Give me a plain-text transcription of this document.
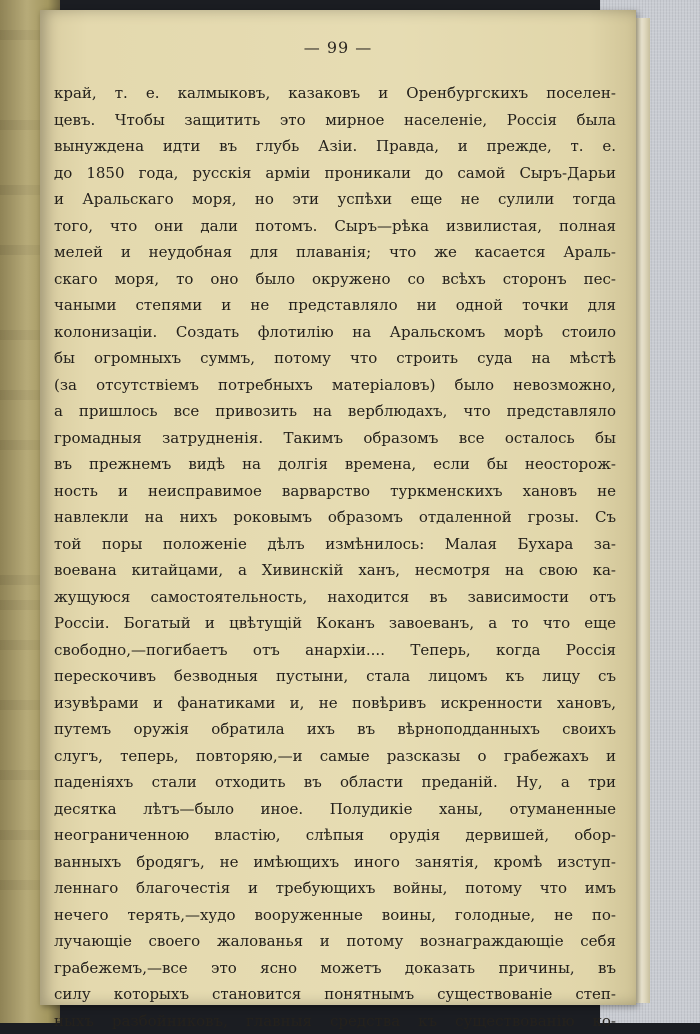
— 99 —
край, т. е. калмыковъ, казаковъ и Оренбургскихъ поселен-
цевъ. Чтобы защитить это мирное населеніе, Россія была
вынуждена идти въ глубь Азіи. Правда, и прежде, т. е.
до 1850 года, русскія арміи проникали до самой Сыръ-Дарьи
и Аральскаго моря, но эти успѣхи еще не сулили тогда
того, что они дали потомъ. Сыръ—рѣка извилистая, полная
мелей и неудобная для плаванія; что же касается Араль-
скаго моря, то оно было окружено со всѣхъ сторонъ пес-
чаными степями и не представляло ни одной точки для
колонизаціи. Создать флотилію на Аральскомъ морѣ стоило
бы огромныхъ суммъ, потому что строить суда на мѣстѣ
(за отсутствіемъ потребныхъ матеріаловъ) было невозможно,
а пришлось все привозить на верблюдахъ, что представляло
громадныя затрудненія. Такимъ образомъ все осталось бы
въ прежнемъ видѣ на долгія времена, если бы неосторож-
ность и неисправимое варварство туркменскихъ хановъ не
навлекли на нихъ роковымъ образомъ отдаленной грозы. Съ
той поры положеніе дѣлъ измѣнилось: Малая Бухара за-
воевана китайцами, а Хивинскій ханъ, несмотря на свою ка-
жущуюся самостоятельность, находится въ зависимости отъ
Россіи. Богатый и цвѣтущій Коканъ завоеванъ, а то что еще
свободно,—погибаетъ отъ анархіи.... Теперь, когда Россія
перескочивъ безводныя пустыни, стала лицомъ къ лицу съ
изувѣрами и фанатиками и, не повѣривъ искренности хановъ,
путемъ оружія обратила ихъ въ вѣрноподданныхъ своихъ
слугъ, теперь, повторяю,—и самые разсказы о грабежахъ и
паденіяхъ стали отходить въ области преданій. Ну, а три
десятка лѣтъ—было иное. Полудикіе ханы, отуманенные
неограниченною властію, слѣпыя орудія дервишей, обор-
ванныхъ бродягъ, не имѣющихъ иного занятія, кромѣ изступ-
леннаго благочестія и требующихъ войны, потому что имъ
нечего терять,—худо вооруженные воины, голодные, не по-
лучающіе своего жалованья и потому вознаграждающіе себя
грабежемъ,—все это ясно можетъ доказать причины, въ
силу которыхъ становится понятнымъ существованіе степ-
ныхъ разбойниковъ, главныя средства къ существованію ко-
